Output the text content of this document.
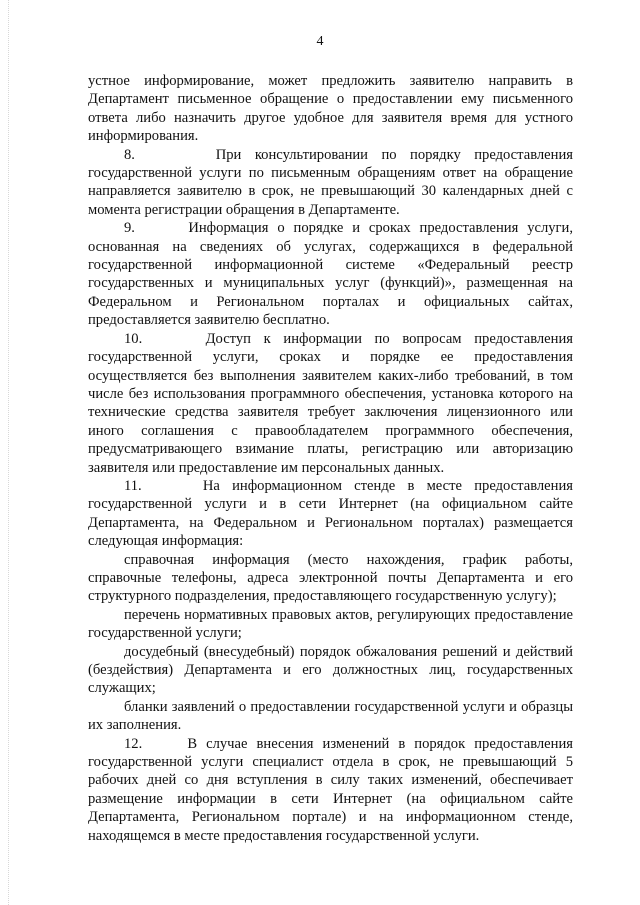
4

устное информирование, может предложить заявителю направить в Департамент письменное обращение о предоставлении ему письменного ответа либо назначить другое удобное для заявителя время для устного информирования.

8.      При консультировании по порядку предоставления государственной услуги по письменным обращениям ответ на обращение направляется заявителю в срок, не превышающий 30 календарных дней с момента регистрации обращения в Департаменте.

9.      Информация о порядке и сроках предоставления услуги, основанная на сведениях об услугах, содержащихся в федеральной государственной информационной системе «Федеральный реестр государственных и муниципальных услуг (функций)», размещенная на Федеральном и Региональном порталах и официальных сайтах, предоставляется заявителю бесплатно.

10.     Доступ к информации по вопросам предоставления государственной услуги, сроках и порядке ее предоставления осуществляется без выполнения заявителем каких-либо требований, в том числе без использования программного обеспечения, установка которого на технические средства заявителя требует заключения лицензионного или иного соглашения с правообладателем программного обеспечения, предусматривающего взимание платы, регистрацию или авторизацию заявителя или предоставление им персональных данных.

11.     На информационном стенде в месте предоставления государственной услуги и в сети Интернет (на официальном сайте Департамента, на Федеральном и Региональном порталах) размещается следующая информация:

справочная информация (место нахождения, график работы, справочные телефоны, адреса электронной почты Департамента и его структурного подразделения, предоставляющего государственную услугу);

перечень нормативных правовых актов, регулирующих предоставление государственной услуги;

досудебный (внесудебный) порядок обжалования решений и действий (бездействия) Департамента и его должностных лиц, государственных служащих;

бланки заявлений о предоставлении государственной услуги и образцы их заполнения.

12.     В случае внесения изменений в порядок предоставления государственной услуги специалист отдела в срок, не превышающий 5 рабочих дней со дня вступления в силу таких изменений, обеспечивает размещение информации в сети Интернет (на официальном сайте Департамента, Региональном портале) и на информационном стенде, находящемся в месте предоставления государственной услуги.
